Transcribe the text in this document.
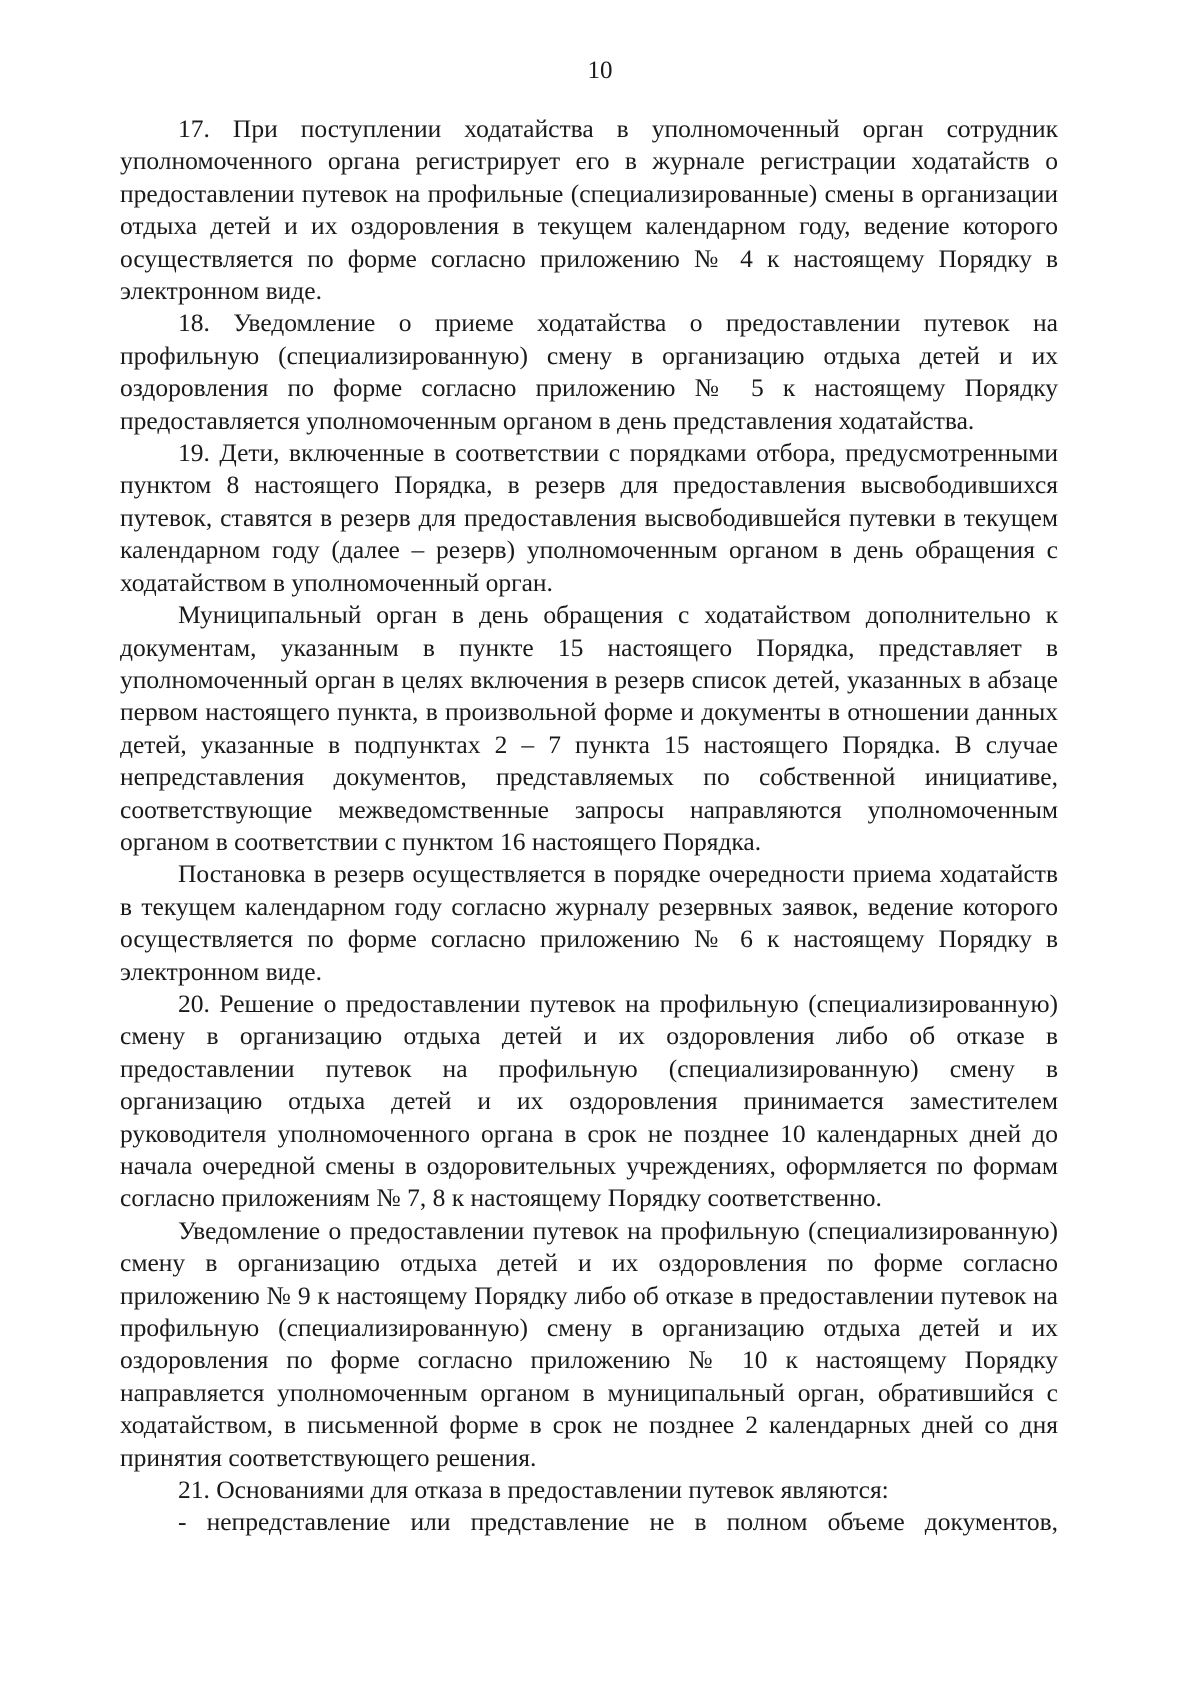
10

17. При поступлении ходатайства в уполномоченный орган сотрудник уполномоченного органа регистрирует его в журнале регистрации ходатайств о предоставлении путевок на профильные (специализированные) смены в организации отдыха детей и их оздоровления в текущем календарном году, ведение которого осуществляется по форме согласно приложению № 4 к настоящему Порядку в электронном виде.

18. Уведомление о приеме ходатайства о предоставлении путевок на профильную (специализированную) смену в организацию отдыха детей и их оздоровления по форме согласно приложению № 5 к настоящему Порядку предоставляется уполномоченным органом в день представления ходатайства.

19. Дети, включенные в соответствии с порядками отбора, предусмотренными пунктом 8 настоящего Порядка, в резерв для предоставления высвободившихся путевок, ставятся в резерв для предоставления высвободившейся путевки в текущем календарном году (далее – резерв) уполномоченным органом в день обращения с ходатайством в уполномоченный орган.

Муниципальный орган в день обращения с ходатайством дополнительно к документам, указанным в пункте 15 настоящего Порядка, представляет в уполномоченный орган в целях включения в резерв список детей, указанных в абзаце первом настоящего пункта, в произвольной форме и документы в отношении данных детей, указанные в подпунктах 2 – 7 пункта 15 настоящего Порядка. В случае непредставления документов, представляемых по собственной инициативе, соответствующие межведомственные запросы направляются уполномоченным органом в соответствии с пунктом 16 настоящего Порядка.

Постановка в резерв осуществляется в порядке очередности приема ходатайств в текущем календарном году согласно журналу резервных заявок, ведение которого осуществляется по форме согласно приложению № 6 к настоящему Порядку в электронном виде.

20. Решение о предоставлении путевок на профильную (специализированную) смену в организацию отдыха детей и их оздоровления либо об отказе в предоставлении путевок на профильную (специализированную) смену в организацию отдыха детей и их оздоровления принимается заместителем руководителя уполномоченного органа в срок не позднее 10 календарных дней до начала очередной смены в оздоровительных учреждениях, оформляется по формам согласно приложениям № 7, 8 к настоящему Порядку соответственно.

Уведомление о предоставлении путевок на профильную (специализированную) смену в организацию отдыха детей и их оздоровления по форме согласно приложению № 9 к настоящему Порядку либо об отказе в предоставлении путевок на профильную (специализированную) смену в организацию отдыха детей и их оздоровления по форме согласно приложению № 10 к настоящему Порядку направляется уполномоченным органом в муниципальный орган, обратившийся с ходатайством, в письменной форме в срок не позднее 2 календарных дней со дня принятия соответствующего решения.

21. Основаниями для отказа в предоставлении путевок являются:

- непредставление или представление не в полном объеме документов,
